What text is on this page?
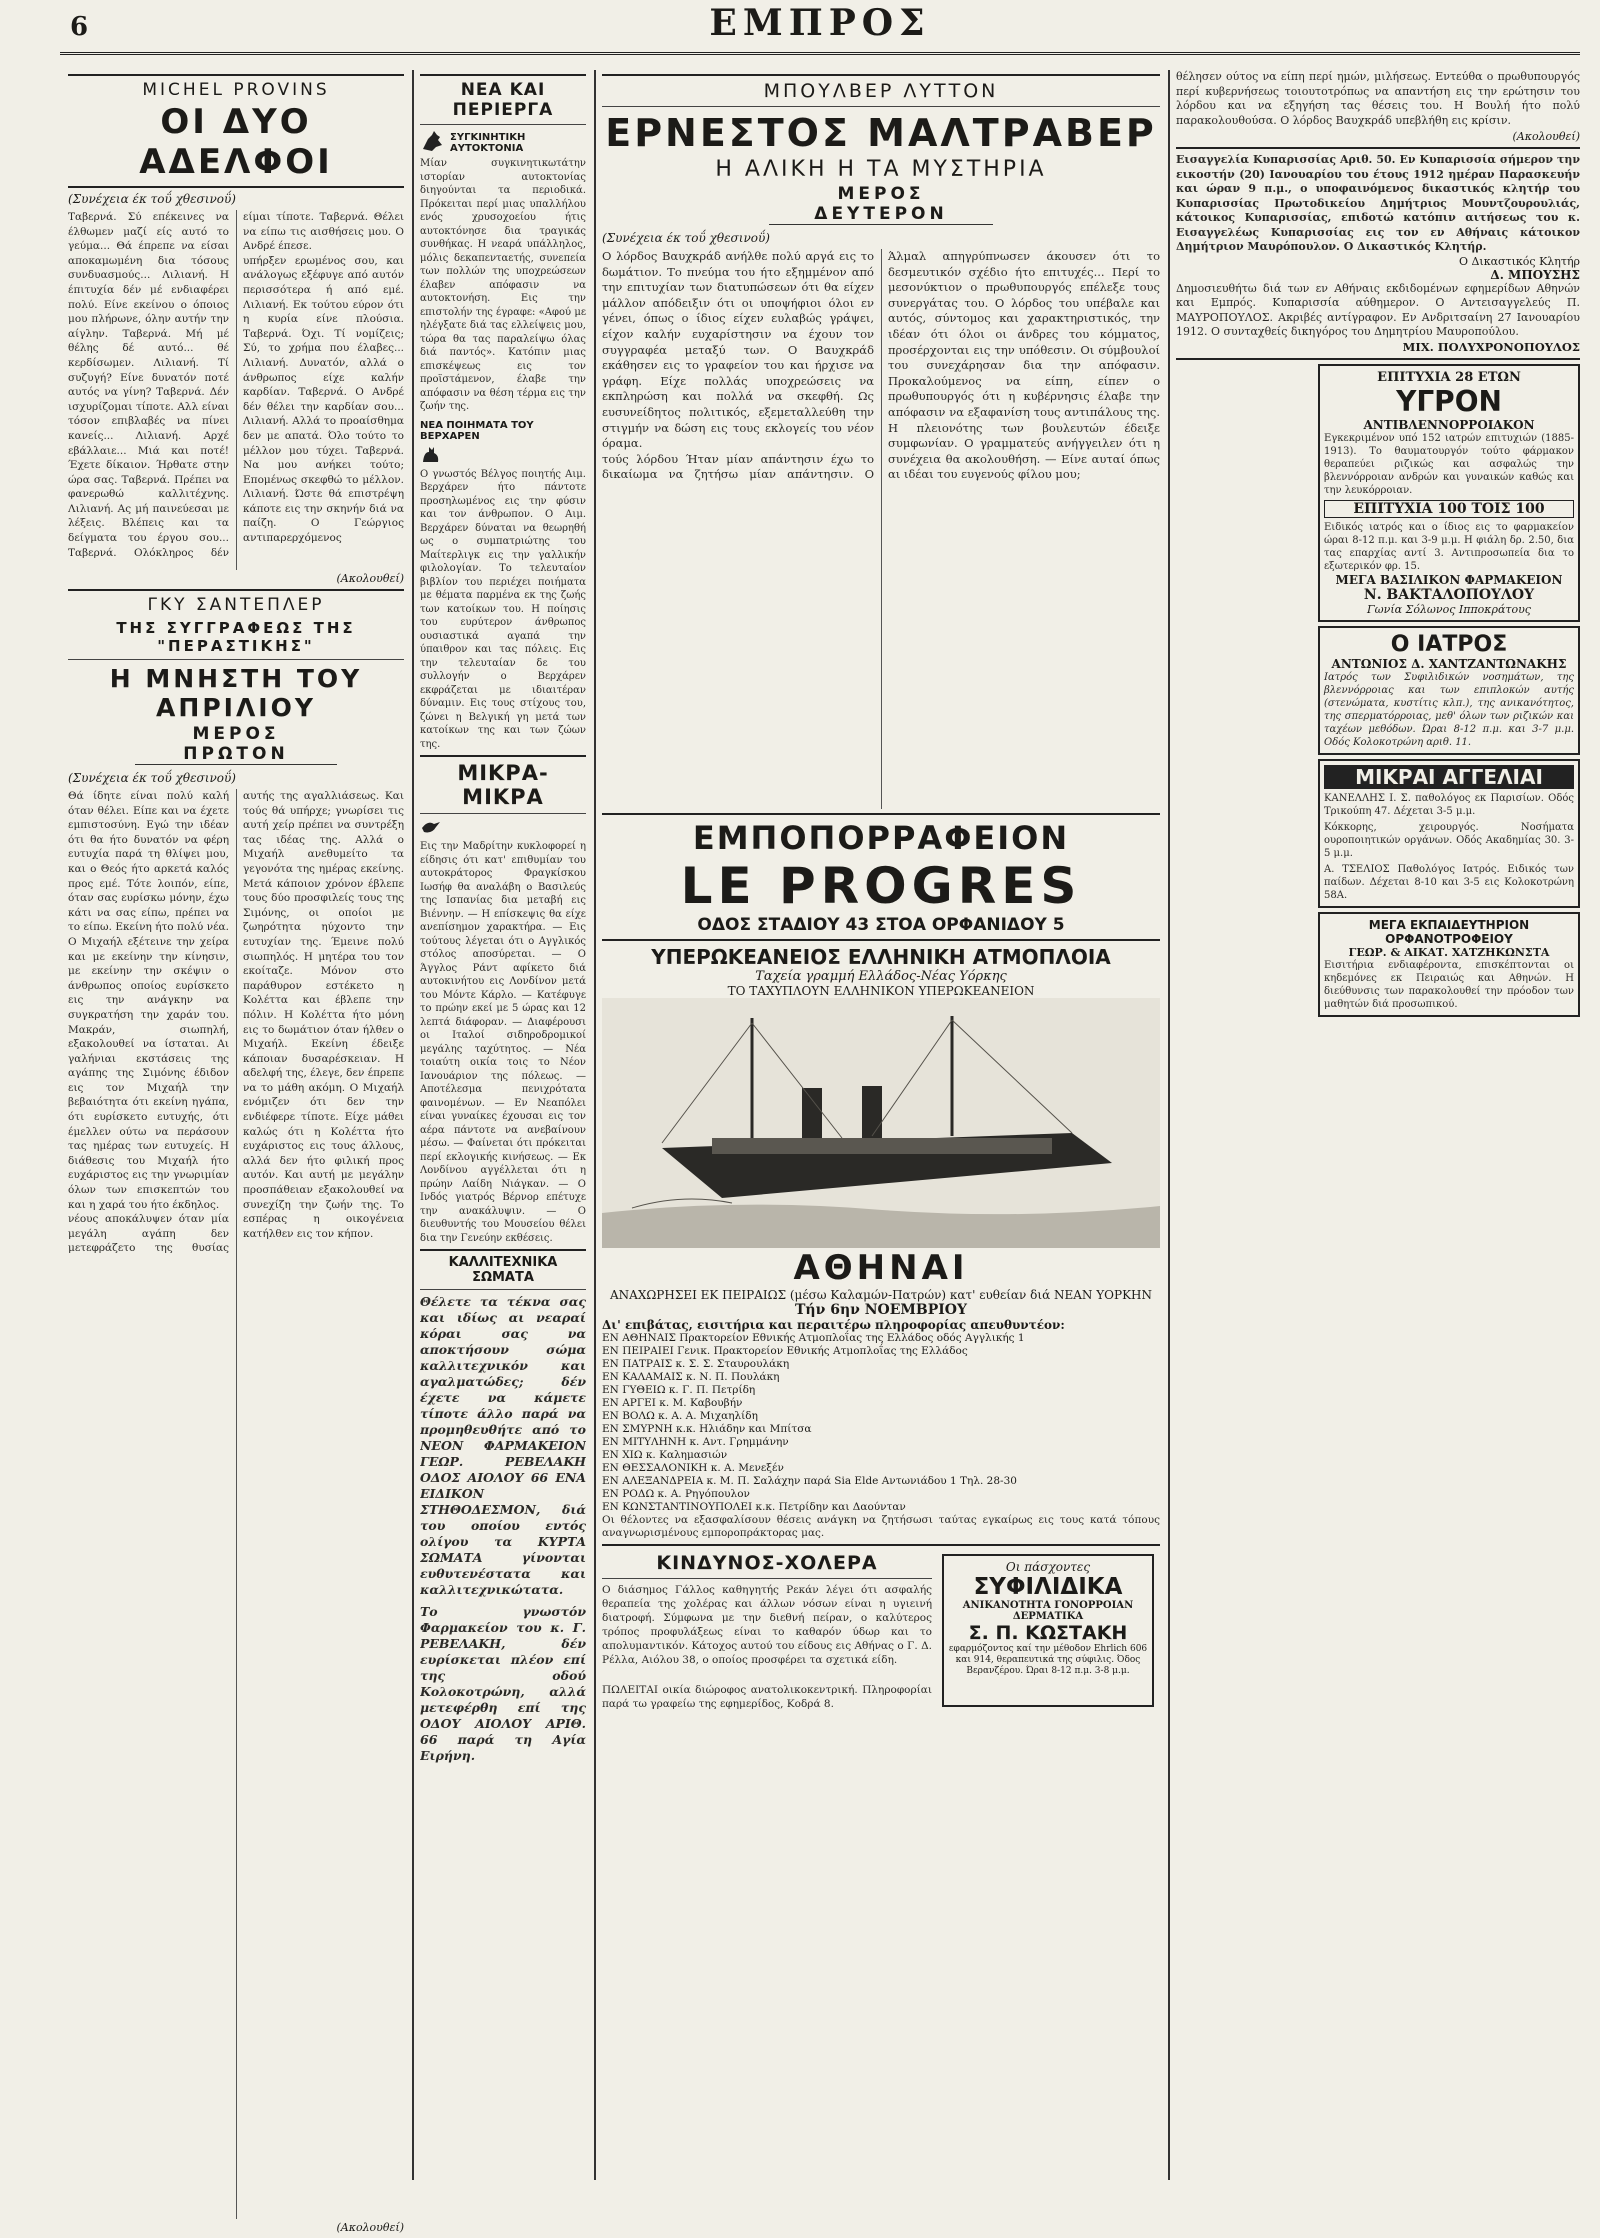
6	ΕΜΠΡΟΣ
MICHEL PROVINS
ΟΙ ΔΥΟ ΑΔΕΛΦΟΙ
(Συνέχεια έκ τοΰ χθεσινοΰ)

Ταβερνά. Σύ επέκεινες να έλθωμεν μαζί είς αυτό το γεύμα... Θά έπρεπε να είσαι αποκαμωμένη δια τόσους συνδυασμούς... Λιλιανή. Η έπιτυχία δέν μέ ενδιαφέρει πολύ. Είνε εκείνου ο όποιος μου πλήρωνε, όλην αυτήν την αίγλην. Ταβερνά. Μή μέ θέλης δέ αυτό... θέ κερδίσωμεν. Λιλιανή. Τί συζυγή? Είνε δυνατόν ποτέ αυτός να γίνη? Ταβερνά. Δέν ισχυρίζομαι τίποτε. Αλλ είναι τόσον επιβλαβές να πίνει κανείς... Λιλιανή. Αρχέ εβάλλαιε... Μιά και ποτέ! Έχετε δίκαιον. Ήρθατε στην ώρα σας. Ταβερνά. Πρέπει να φανερωθώ καλλιτέχνης. Λιλιανή. Ας μή παινεύεσαι με λέξεις. Βλέπεις και τα δείγματα του έργου σου... Ταβερνά. Ολόκληρος δέν είμαι τίποτε. Ταβερνά. Θέλει να είπω τις αισθήσεις μου. Ο Ανδρέ έπεσε.

υπήρξεν ερωμένος σου, και ανάλογως εξέφυγε από αυτόν περισσότερα ή από εμέ. Λιλιανή. Εκ τούτου εύρον ότι η κυρία είνε πλούσια. Ταβερνά. Όχι. Τί νομίζεις; Σύ, το χρήμα που έλαβες... Λιλιανή. Δυνατόν, αλλά ο άνθρωπος είχε καλήν καρδίαν. Ταβερνά. Ο Ανδρέ δέν θέλει την καρδίαν σου... Λιλιανή. Αλλά το προαίσθημα δεν με απατά. Όλο τούτο το μέλλον μου τύχει. Ταβερνά. Να μου ανήκει τούτο; Επομένως σκεφθώ το μέλλον. Λιλιανή. Ώστε θά επιστρέψη κάποτε εις την σκηνήν διά να παίζη. Ο Γεώργιος αντιπαρερχόμενος

(Ακολουθεί)
ΓΚΥ ΣΑΝΤΕΠΛΕΡ
ΤΗΣ ΣΥΓΓΡΑΦΕΩΣ ΤΗΣ "ΠΕΡΑΣΤΙΚΗΣ"
Η ΜΝΗΣΤΗ ΤΟΥ ΑΠΡΙΛΙΟΥ
ΜΕΡΟΣ ΠΡΩΤΟΝ
(Συνέχεια έκ τοΰ χθεσινοΰ)

Θά ίδητε είναι πολύ καλή όταν θέλει. Είπε και να έχετε εμπιστοσύνη. Εγώ την ιδέαν ότι θα ήτο δυνατόν να φέρη ευτυχία παρά τη θλίψει μου, και ο Θεός ήτο αρκετά καλός προς εμέ. Τότε λοιπόν, είπε, όταν σας ευρίσκω μόνην, έχω κάτι να σας είπω, πρέπει να το είπω. Εκείνη ήτο πολύ νέα. Ο Μιχαήλ εξέτεινε την χείρα και με εκείνην την κίνησιν, με εκείνην την σκέψιν ο άνθρωπος οποίος ευρίσκετο εις την ανάγκην να συγκρατήση την χαράν του. Μακράν, σιωπηλή, εξακολουθεί να ίσταται. Αι γαλήνιαι εκστάσεις της αγάπης της Σιμόνης έδιδον εις τον Μιχαήλ την βεβαιότητα ότι εκείνη ηγάπα, ότι ευρίσκετο ευτυχής, ότι έμελλεν ούτω να περάσουν τας ημέρας των ευτυχείς. Η διάθεσις του Μιχαήλ ήτο ευχάριστος εις την γνωριμίαν όλων των επισκεπτών του και η χαρά του ήτο έκδηλος.

νέους αποκάλυψεν όταν μία μεγάλη αγάπη δεν μετεφράζετο της θυσίας αυτής της αγαλλιάσεως. Και τούς θά υπήρχε; γνωρίσει τις αυτή χείρ πρέπει να συντρέξη τας ιδέας της. Αλλά ο Μιχαήλ ανεθυμείτο τα γεγονότα της ημέρας εκείνης. Μετά κάποιον χρόνον έβλεπε τους δύο προσφιλείς τους της Σιμόνης, οι οποίοι με ζωηρότητα ηύχοντο την ευτυχίαν της. Έμεινε πολύ σιωπηλός. Η μητέρα του τον εκοίταζε. Μόνον στο παράθυρον εστέκετο η Κολέττα και έβλεπε την πόλιν. Η Κολέττα ήτο μόνη εις το δωμάτιον όταν ήλθεν ο Μιχαήλ. Εκείνη έδειξε κάποιαν δυσαρέσκειαν. Η αδελφή της, έλεγε, δεν έπρεπε να το μάθη ακόμη. Ο Μιχαήλ ενόμιζεν ότι δεν την ενδιέφερε τίποτε. Είχε μάθει καλώς ότι η Κολέττα ήτο ευχάριστος εις τους άλλους, αλλά δεν ήτο φιλική προς αυτόν. Και αυτή με μεγάλην προσπάθειαν εξακολουθεί να συνεχίζη την ζωήν της. Το εσπέρας η οικογένεια κατήλθεν εις τον κήπον.

(Ακολουθεί)
ΝΕΑ ΚΑΙ ΠΕΡΙΕΡΓΑ
ΣΥΓΚΙΝΗΤΙΚΗ ΑΥΤΟΚΤΟΝΙΑ

Μίαν συγκινητικωτάτην ιστορίαν αυτοκτονίας διηγούνται τα περιοδικά. Πρόκειται περί μιας υπαλλήλου ενός χρυσοχοείου ήτις αυτοκτόνησε δια τραγικάς συνθήκας. Η νεαρά υπάλληλος, μόλις δεκαπενταετής, συνεπεία των πολλών της υποχρεώσεων έλαβεν απόφασιν να αυτοκτονήση. Εις την επιστολήν της έγραφε: «Αφού με ηλέγξατε διά τας ελλείψεις μου, τώρα θα τας παραλείψω όλας διά παντός». Κατόπιν μιας επισκέψεως εις τον προϊστάμενον, έλαβε την απόφασιν να θέση τέρμα εις την ζωήν της.

ΝΕΑ ΠΟΙΗΜΑΤΑ ΤΟΥ ΒΕΡΧΑΡΕΝ

Ο γνωστός Βέλγος ποιητής Αιμ. Βερχάρεν ήτο πάντοτε προσηλωμένος εις την φύσιν και τον άνθρωπον. Ο Αιμ. Βερχάρεν δύναται να θεωρηθή ως ο συμπατριώτης του Μαίτερλιγκ εις την γαλλικήν φιλολογίαν. Το τελευταίον βιβλίον του περιέχει ποιήματα με θέματα παρμένα εκ της ζωής των κατοίκων του. Η ποίησις του ευρύτερον άνθρωπος ουσιαστικά αγαπά την ύπαιθρον και τας πόλεις. Εις την τελευταίαν δε του συλλογήν ο Βερχάρεν εκφράζεται με ιδιαιτέραν δύναμιν. Εις τους στίχους του, ζώνει η Βελγική γη μετά των κατοίκων της και των ζώων της.

ΜΙΚΡΑ-ΜΙΚΡΑ

Εις την Μαδρίτην κυκλοφορεί η είδησις ότι κατ' επιθυμίαν του αυτοκράτορος Φραγκίσκου Ιωσήφ θα αναλάβη ο Βασιλεύς της Ισπανίας δια μεταβή εις Βιέννην. — Η επίσκεψις θα είχε ανεπίσημον χαρακτήρα. — Εις τούτους λέγεται ότι ο Αγγλικός στόλος αποσύρεται. — Ο Άγγλος Ράντ αφίκετο διά αυτοκινήτου εις Λονδίνον μετά του Μόντε Κάρλο. — Κατέφυγε το πρώην εκεί με 5 ώρας και 12 λεπτά διάφοραν. — Διαφέρουσι οι Ιταλοί σιδηροδρομικοί μεγάλης ταχύτητος. — Νέα τοιαύτη οικία τοις το Νέον Ιανουάριον της πόλεως. — Αποτέλεσμα πενιχρότατα φαινομένων. — Εν Νεαπόλει είναι γυναίκες έχουσαι εις τον αέρα πάντοτε να ανεβαίνουν μέσω. — Φαίνεται ότι πρόκειται περί εκλογικής κινήσεως. — Εκ Λονδίνου αγγέλλεται ότι η πρώην Λαίδη Νιάγκαν. — Ο Ινδός γιατρός Βέρνορ επέτυχε την ανακάλυψιν. — Ο διευθυντής του Μουσείου θέλει δια την Γενεύην εκθέσεις.

ΚΑΛΛΙΤΕΧΝΙΚΑ ΣΩΜΑΤΑ

Θέλετε τα τέκνα σας και ιδίως αι νεαραί κόραι σας να αποκτήσουν σώμα καλλιτεχνικόν και αγαλματώδες; δέν έχετε να κάμετε τίποτε άλλο παρά να προμηθευθήτε από το ΝΕΟΝ ΦΑΡΜΑΚΕΙΟΝ ΓΕΩΡ. ΡΕΒΕΛΑΚΗ ΟΔΟΣ ΑΙΟΛΟΥ 66 ΕΝΑ ΕΙΔΙΚΟΝ ΣΤΗΘΟΔΕΣΜΟΝ, διά του οποίου εντός ολίγου τα ΚΥΡΤΑ ΣΩΜΑΤΑ γίνονται ευθυτενέστατα και καλλιτεχνικώτατα.

Το γνωστόν Φαρμακείον του κ. Γ. ΡΕΒΕΛΑΚΗ, δέν ευρίσκεται πλέον επί της οδού Κολοκοτρώνη, αλλά μετεφέρθη επί της ΟΔΟΥ ΑΙΟΛΟΥ ΑΡΙΘ. 66 παρά τη Αγία Ειρήνη.

ΜΠΟΥΛΒΕΡ ΛΥΤΤΟΝ
ΕΡΝΕΣΤΟΣ ΜΑΛΤΡΑΒΕΡ
Η ΑΛΙΚΗ Η ΤΑ ΜΥΣΤΗΡΙΑ
ΜΕΡΟΣ ΔΕΥΤΕΡΟΝ
(Συνέχεια έκ τοΰ χθεσινοΰ)

Ο λόρδος Βαυχκράδ ανήλθε πολύ αργά εις το δωμάτιον. Το πνεύμα του ήτο εξημμένον από την επιτυχίαν των διατυπώσεων ότι θα είχεν μάλλον απόδειξιν ότι οι υποψήφιοι όλοι εν γένει, όπως ο ίδιος είχεν ευλαβώς γράψει, είχον καλήν ευχαρίστησιν να έχουν τον συγγραφέα μεταξύ των. Ο Βαυχκράδ εκάθησεν εις το γραφείον του και ήρχισε να γράφη. Είχε πολλάς υποχρεώσεις να εκπληρώση και πολλά να σκεφθή. Ως ευσυνείδητος πολιτικός, εξεμεταλλεύθη την στιγμήν να δώση εις τους εκλογείς του νέον όραμα.

τούς λόρδου Ήταν μίαν απάντησιν έχω το δικαίωμα να ζητήσω μίαν απάντησιν. Ο Άλμαλ απηγρύπνωσεν άκουσεν ότι το δεσμευτικόν σχέδιο ήτο επιτυχές... Περί το μεσονύκτιον ο πρωθυπουργός επέλεξε τους συνεργάτας του. Ο λόρδος του υπέβαλε και αυτός, σύντομος και χαρακτηριστικός, την ιδέαν ότι όλοι οι άνδρες του κόμματος, προσέρχονται εις την υπόθεσιν. Οι σύμβουλοί του συνεχάρησαν δια την απόφασιν. Προκαλούμενος να είπη, είπεν ο πρωθυπουργός ότι η κυβέρνησις έλαβε την απόφασιν να εξαφανίση τους αντιπάλους της. Η πλειονότης των βουλευτών έδειξε συμφωνίαν. Ο γραμματεύς ανήγγειλεν ότι η συνέχεια θα ακολουθήση. — Είνε αυταί όπως αι ιδέαι του ευγενούς φίλου μου;

ΕΜΠΟΠΟΡΡΑΦΕΙΟΝ
LE PROGRES
ΟΔΟΣ ΣΤΑΔΙΟΥ 43 ΣΤΟΑ ΟΡΦΑΝΙΔΟΥ 5
ΥΠΕΡΩΚΕΑΝΕΙΟΣ ΕΛΛΗΝΙΚΗ ΑΤΜΟΠΛΟΙΑ
Ταχεία γραμμή Ελλάδος-Νέας Υόρκης
ΤΟ ΤΑΧΥΠΛΟΥΝ ΕΛΛΗΝΙΚΟΝ ΥΠΕΡΩΚΕΑΝΕΙΟΝ
ΑΘΗΝΑΙ
ΑΝΑΧΩΡΗΣΕΙ ΕΚ ΠΕΙΡΑΙΩΣ (μέσω Καλαμών-Πατρών) κατ' ευθείαν διά ΝΕΑΝ ΥΟΡΚΗΝ
Τήν 6ην ΝΟΕΜΒΡΙΟΥ
Δι' επιβάτας, εισιτήρια και περαιτέρω πληροφορίας απευθυντέον:
ΕΝ ΑΘΗΝΑΙΣ Πρακτορείον Εθνικής Ατμοπλοΐας της Ελλάδος οδός Αγγλικής 1
ΕΝ ΠΕΙΡΑΙΕΙ Γενικ. Πρακτορείον Εθνικής Ατμοπλοΐας της Ελλάδος
ΕΝ ΠΑΤΡΑΙΣ κ. Σ. Σ. Σταυρουλάκη
ΕΝ ΚΑΛΑΜΑΙΣ κ. Ν. Π. Πουλάκη
ΕΝ ΓΥΘΕΙΩ κ. Γ. Π. Πετρίδη
ΕΝ ΑΡΓΕΙ κ. Μ. Καβουβήν
ΕΝ ΒΟΛΩ κ. Α. Α. Μιχαηλίδη
ΕΝ ΣΜΥΡΝΗ κ.κ. Ηλιάδην και Μπίτσα
ΕΝ ΜΙΤΥΛΗΝΗ κ. Αντ. Γρημμάνην
ΕΝ ΧΙΩ κ. Καλημασιών
ΕΝ ΘΕΣΣΑΛΟΝΙΚΗ κ. Α. Μενεξέν
ΕΝ ΑΛΕΞΑΝΔΡΕΙΑ κ. Μ. Π. Σαλάχην παρά Sia Elde Αντωνιάδου 1 Τηλ. 28-30
ΕΝ ΡΟΔΩ κ. Α. Ρηγόπουλον
ΕΝ ΚΩΝΣΤΑΝΤΙΝΟΥΠΟΛΕΙ κ.κ. Πετρίδην και Δαούνταν

Οι θέλοντες να εξασφαλίσουν θέσεις ανάγκη να ζητήσωσι ταύτας εγκαίρως εις τους κατά τόπους αναγνωρισμένους εμποροπράκτορας μας.

ΚΙΝΔΥΝΟΣ-ΧΟΛΕΡΑ

Ο διάσημος Γάλλος καθηγητής Ρεκάν λέγει ότι ασφαλής θεραπεία της χολέρας και άλλων νόσων είναι η υγιεινή διατροφή. Σύμφωνα με την διεθνή πείραν, ο καλύτερος τρόπος προφυλάξεως είναι το καθαρόν ύδωρ και το απολυμαντικόν. Κάτοχος αυτού του είδους εις Αθήνας ο Γ. Δ. Ρέλλα, Αιόλου 38, ο οποίος προσφέρει τα σχετικά είδη.

ΠΩΛΕΙΤΑΙ οικία διώροφος ανατολικοκεντρική. Πληροφορίαι παρά τω γραφείω της εφημερίδος, Κοδρά 8.

Οι πάσχοντες
ΣΥΦΙΛΙΔΙΚΑ
ΑΝΙΚΑΝΟΤΗΤΑ ΓΟΝΟΡΡΟΙΑΝ ΔΕΡΜΑΤΙΚΑ
Σ. Π. ΚΩΣΤΑΚΗ
εφαρμόζοντος καί την μέθοδον Ehrlich 606 και 914, θεραπευτικά της σύφιλις. Όδος Βερανζέρου. Ώραι 8-12 π.μ. 3-8 μ.μ.

θέλησεν ούτος να είπη περί ημών, μιλήσεως. Εντεύθα ο πρωθυπουργός περί κυβερνήσεως τοιουτοτρόπως να απαντήση εις την ερώτησιν του λόρδου και να εξηγήση τας θέσεις του. Η Βουλή ήτο πολύ παρακολουθούσα. Ο λόρδος Βαυχκράδ υπεβλήθη εις κρίσιν.

(Ακολουθεί)

Εισαγγελία Κυπαρισσίας Αριθ. 50. Εν Κυπαρισσία σήμερον την εικοστήν (20) Ιανουαρίου του έτους 1912 ημέραν Παρασκευήν και ώραν 9 π.μ., ο υποφαινόμενος δικαστικός κλητήρ του Κυπαρισσίας Πρωτοδικείου Δημήτριος Μουντζουρουλιάς, κάτοικος Κυπαρισσίας, επιδοτώ κατόπιν αιτήσεως του κ. Εισαγγελέως Κυπαρισσίας εις τον εν Αθήναις κάτοικον Δημήτριον Μαυρόπουλον. Ο Δικαστικός Κλητήρ.

Ο Δικαστικός Κλητήρ
Δ. ΜΠΟΥΣΗΣ

Δημοσιευθήτω διά των εν Αθήναις εκδιδομένων εφημερίδων Αθηνών και Εμπρός. Κυπαρισσία αύθημερον. Ο Αντεισαγγελεύς Π. ΜΑΥΡΟΠΟΥΛΟΣ. Ακριβές αντίγραφον. Εν Ανδριτσαίνη 27 Ιανουαρίου 1912. Ο συνταχθείς δικηγόρος του Δημητρίου Μαυροπούλου.

ΜΙΧ. ΠΟΛΥΧΡΟΝΟΠΟΥΛΟΣ
ΕΠΙΤΥΧΙΑ 28 ΕΤΩΝ
ΥΓΡΟΝ
ΑΝΤΙΒΛΕΝΝΟΡΡΟΙΑΚΟΝ

Εγκεκριμένον υπό 152 ιατρών επιτυχιών (1885-1913). Το θαυματουργόν τούτο φάρμακον θεραπεύει ριζικώς και ασφαλώς την βλεννόρροιαν ανδρών και γυναικών καθώς και την λευκόρροιαν.

ΕΠΙΤΥΧΙΑ 100 ΤΟΙΣ 100

Ειδικός ιατρός και ο ίδιος εις το φαρμακείον ώραι 8-12 π.μ. και 3-9 μ.μ. Η φιάλη δρ. 2.50, δια τας επαρχίας αντί 3. Αντιπροσωπεία δια το εξωτερικόν φρ. 15.

ΜΕΓΑ ΒΑΣΙΛΙΚΟΝ ΦΑΡΜΑΚΕΙΟΝ
Ν. ΒΑΚΤΑΛΟΠΟΥΛΟΥ
Γωνία Σόλωνος Ιπποκράτους
Ο ΙΑΤΡΟΣ
ΑΝΤΩΝΙΟΣ Δ. ΧΑΝΤΖΑΝΤΩΝΑΚΗΣ

Ιατρός των Συφιλιδικών νοσημάτων, της βλεννόρροιας και των επιπλοκών αυτής (στενώματα, κυστίτις κλπ.), της ανικανότητος, της σπερματόρροιας, μεθ' όλων των ριζικών και ταχέων μεθόδων. Ώραι 8-12 π.μ. και 3-7 μ.μ. Οδός Κολοκοτρώνη αριθ. 11.

ΜΙΚΡΑΙ ΑΓΓΕΛΙΑΙ

ΚΑΝΕΛΛΗΣ Ι. Σ. παθολόγος εκ Παρισίων. Οδός Τρικούπη 47. Δέχεται 3-5 μ.μ.

Κόκκορης, χειρουργός. Νοσήματα ουροποιητικών οργάνων. Οδός Ακαδημίας 30. 3-5 μ.μ.

Α. ΤΣΕΛΙΟΣ Παθολόγος Ιατρός. Ειδικός των παίδων. Δέχεται 8-10 και 3-5 εις Κολοκοτρώνη 58Α.

ΜΕΓΑ ΕΚΠΑΙΔΕΥΤΗΡΙΟΝ ΟΡΦΑΝΟΤΡΟΦΕΙΟΥ
ΓΕΩΡ. & ΑΙΚΑΤ. ΧΑΤΖΗΚΩΝΣΤΑ

Εισιτήρια ενδιαφέροντα, επισκέπτονται οι κηδεμόνες εκ Πειραιώς και Αθηνών. Η διεύθυνσις των παρακολουθεί την πρόοδον των μαθητών διά προσωπικού.
